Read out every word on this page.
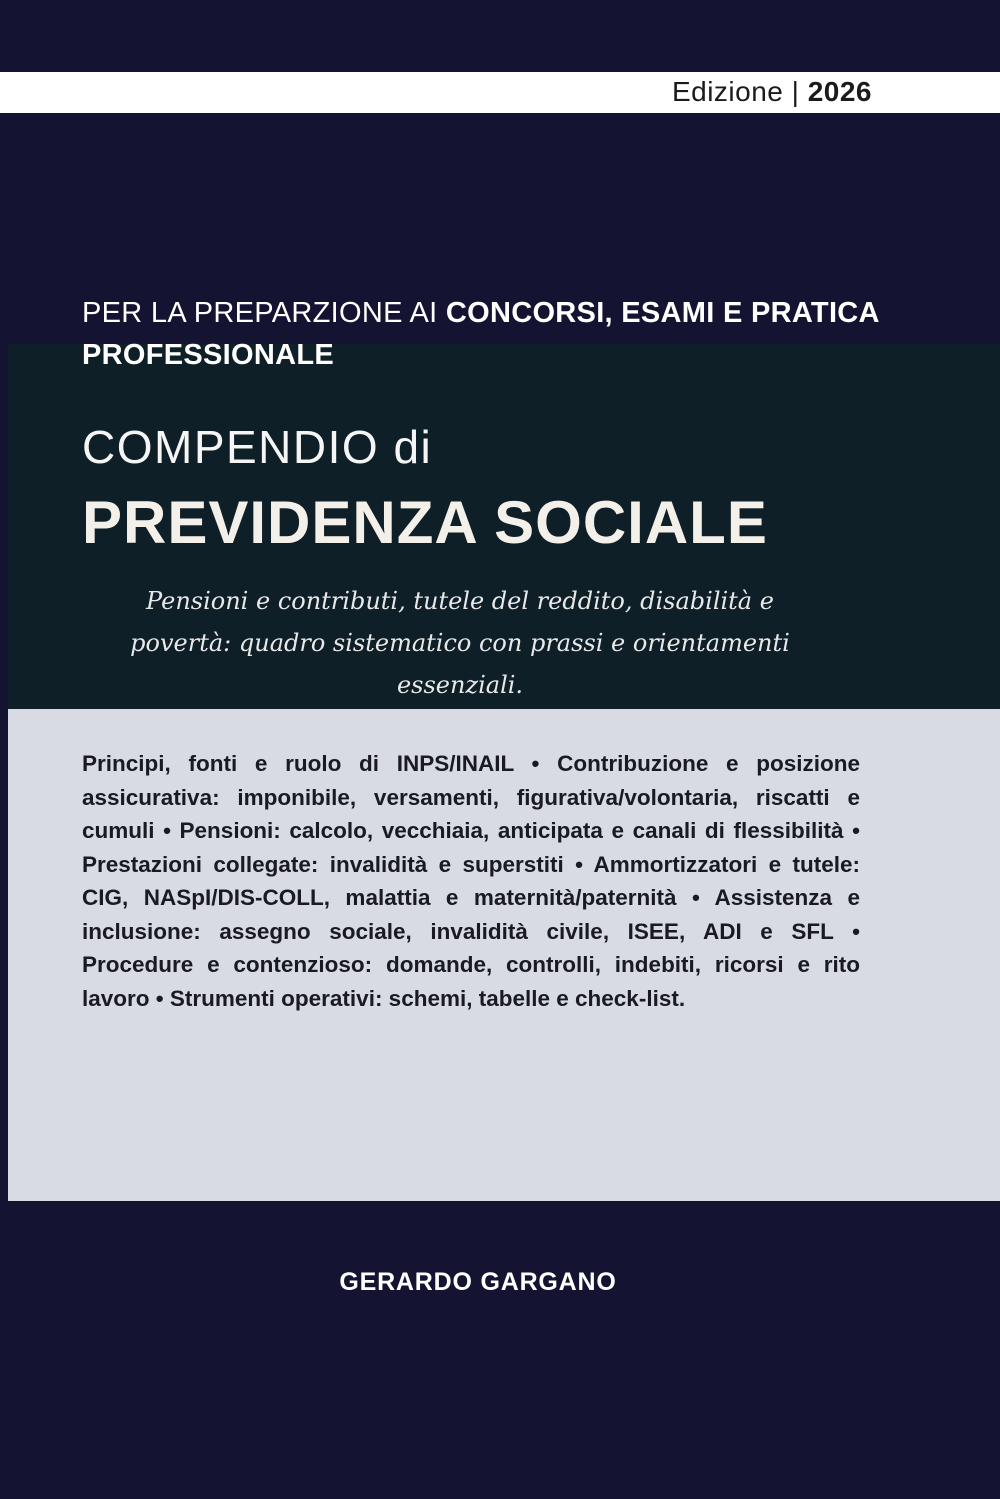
Edizione | 2026
PER LA PREPARZIONE AI CONCORSI, ESAMI E PRATICA PROFESSIONALE
COMPENDIO di
PREVIDENZA SOCIALE
Pensioni e contributi, tutele del reddito, disabilità e povertà: quadro sistematico con prassi e orientamenti essenziali.
Principi, fonti e ruolo di INPS/INAIL • Contribuzione e posizione assicurativa: imponibile, versamenti, figurativa/volontaria, riscatti e cumuli • Pensioni: calcolo, vecchiaia, anticipata e canali di flessibilità • Prestazioni collegate: invalidità e superstiti • Ammortizzatori e tutele: CIG, NASpI/DIS-COLL, malattia e maternità/paternità • Assistenza e inclusione: assegno sociale, invalidità civile, ISEE, ADI e SFL • Procedure e contenzioso: domande, controlli, indebiti, ricorsi e rito lavoro • Strumenti operativi: schemi, tabelle e check-list.
GERARDO GARGANO
